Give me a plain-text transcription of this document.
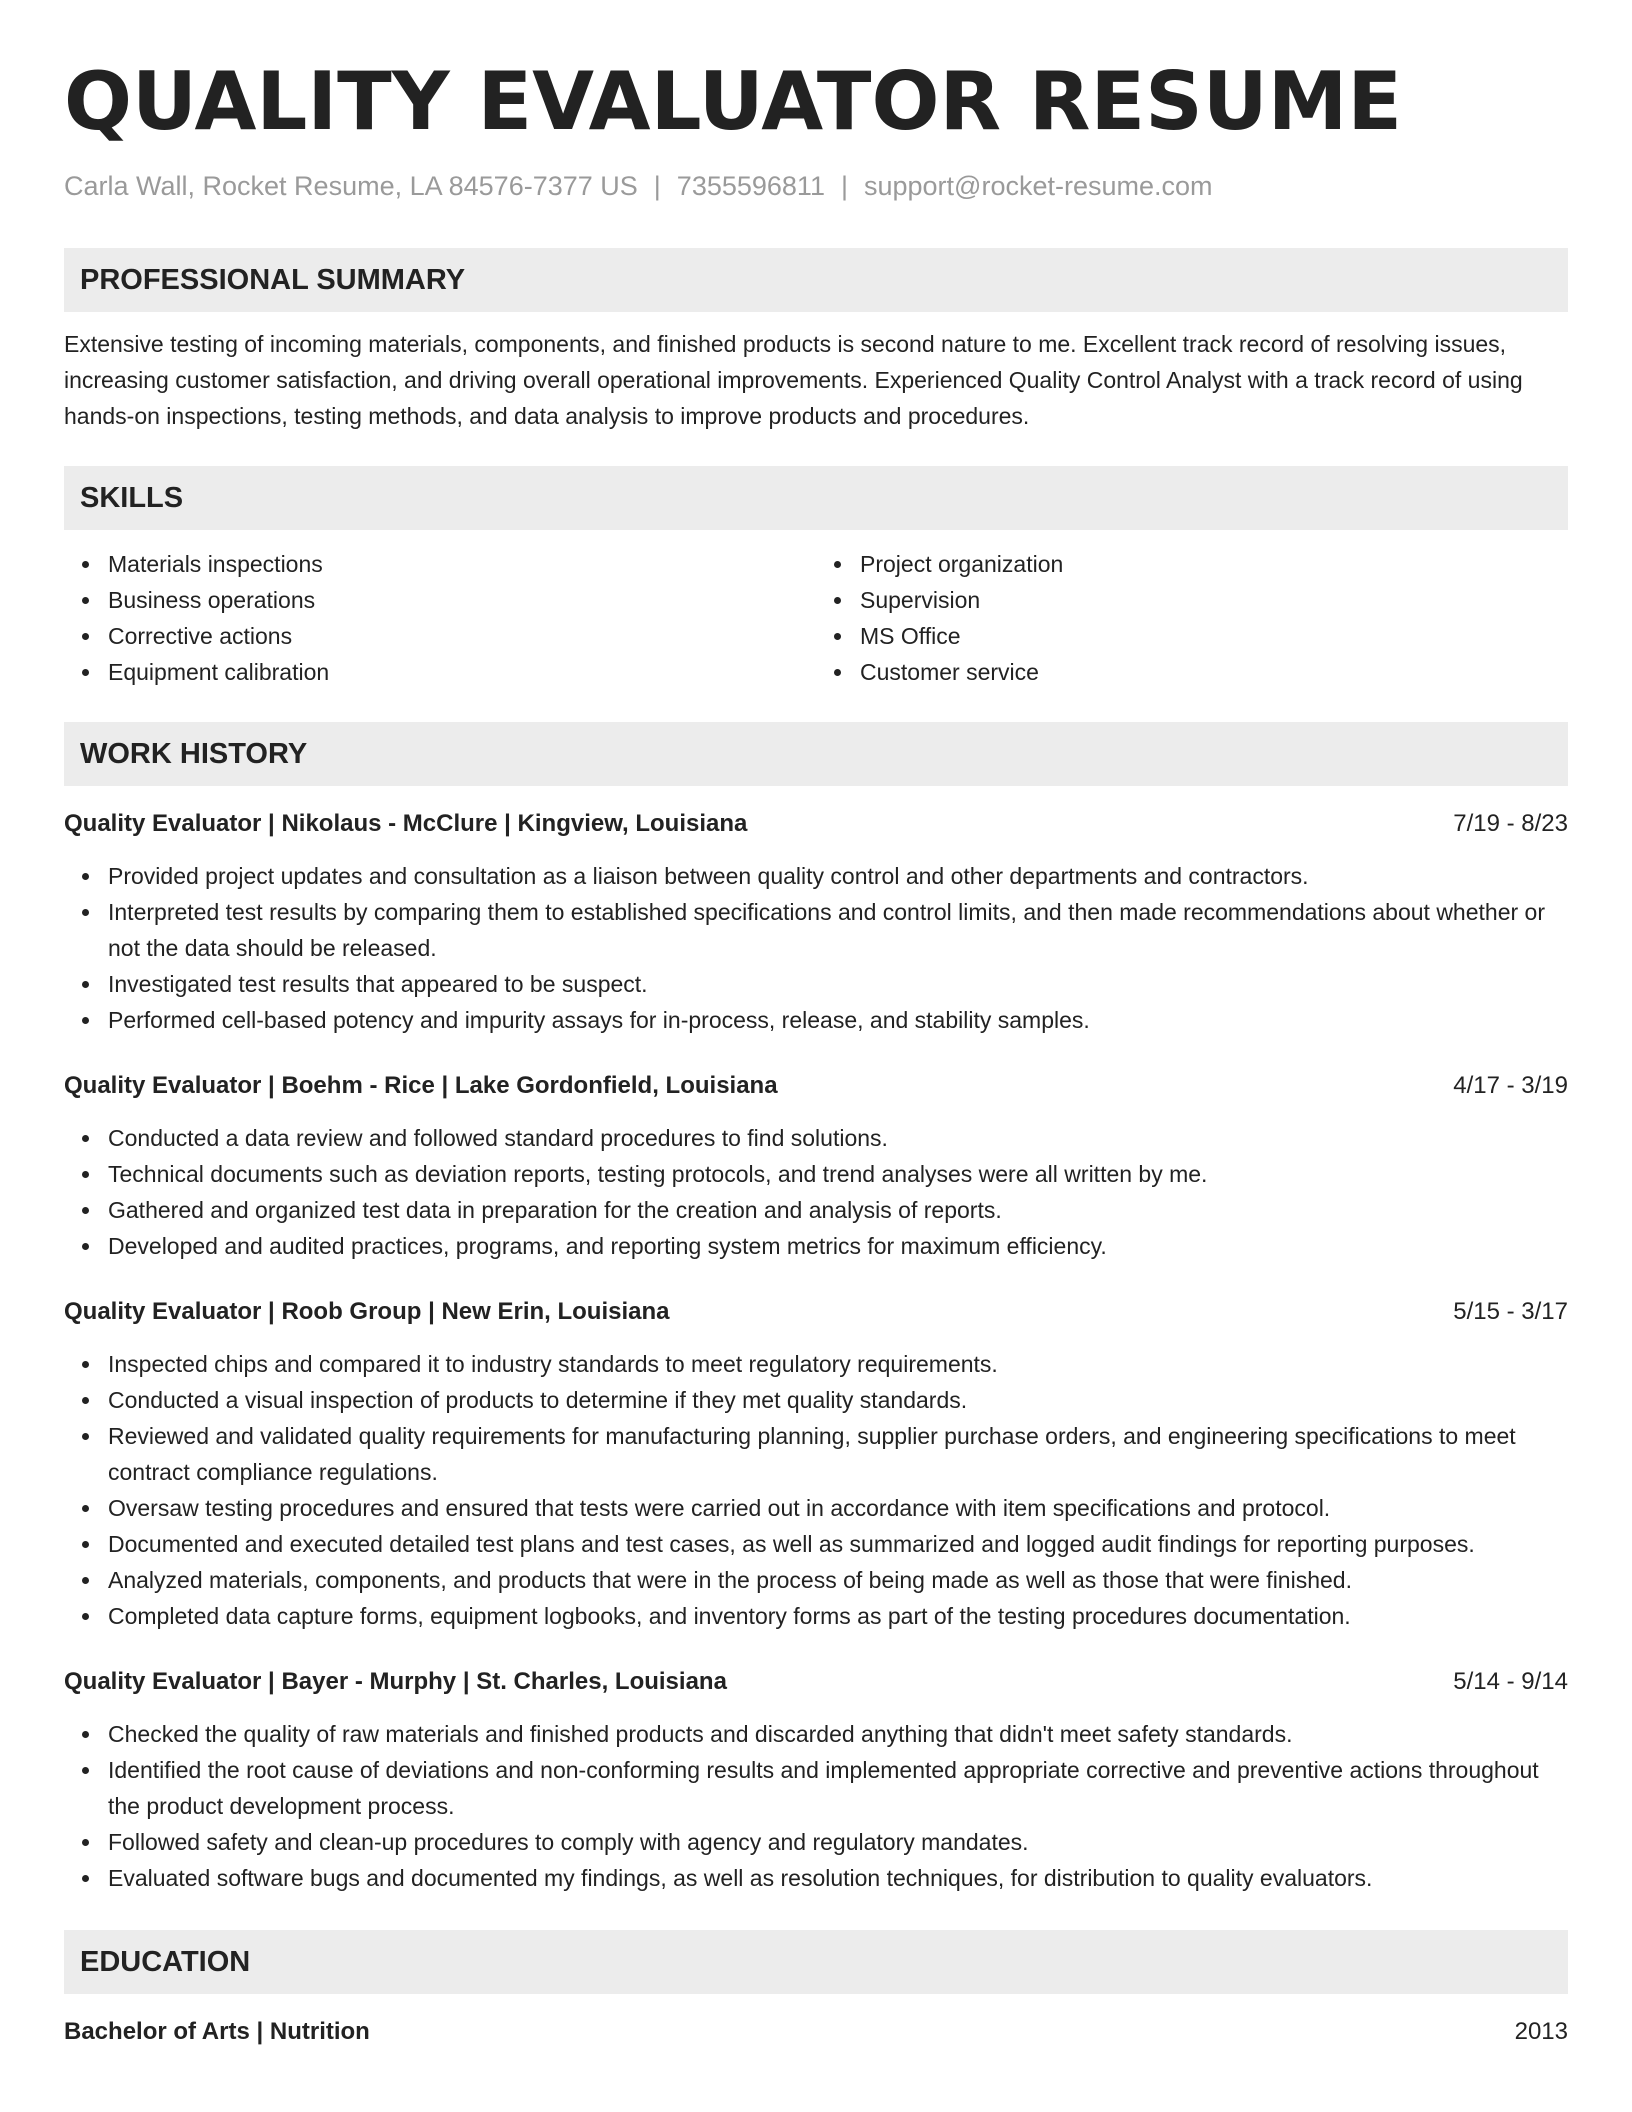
QUALITY EVALUATOR RESUME
Carla Wall, Rocket Resume, LA 84576-7377 US | 7355596811 | support@rocket-resume.com
PROFESSIONAL SUMMARY

Extensive testing of incoming materials, components, and finished products is second nature to me. Excellent track record of resolving issues, increasing customer satisfaction, and driving overall operational improvements. Experienced Quality Control Analyst with a track record of using hands-on inspections, testing methods, and data analysis to improve products and procedures.

SKILLS
Materials inspections
Business operations
Corrective actions
Equipment calibration
Project organization
Supervision
MS Office
Customer service
WORK HISTORY
Quality Evaluator | Nikolaus - McClure | Kingview, Louisiana	7/19 - 8/23
Provided project updates and consultation as a liaison between quality control and other departments and contractors.
Interpreted test results by comparing them to established specifications and control limits, and then made recommendations about whether or not the data should be released.
Investigated test results that appeared to be suspect.
Performed cell-based potency and impurity assays for in-process, release, and stability samples.
Quality Evaluator | Boehm - Rice | Lake Gordonfield, Louisiana	4/17 - 3/19
Conducted a data review and followed standard procedures to find solutions.
Technical documents such as deviation reports, testing protocols, and trend analyses were all written by me.
Gathered and organized test data in preparation for the creation and analysis of reports.
Developed and audited practices, programs, and reporting system metrics for maximum efficiency.
Quality Evaluator | Roob Group | New Erin, Louisiana	5/15 - 3/17
Inspected chips and compared it to industry standards to meet regulatory requirements.
Conducted a visual inspection of products to determine if they met quality standards.
Reviewed and validated quality requirements for manufacturing planning, supplier purchase orders, and engineering specifications to meet contract compliance regulations.
Oversaw testing procedures and ensured that tests were carried out in accordance with item specifications and protocol.
Documented and executed detailed test plans and test cases, as well as summarized and logged audit findings for reporting purposes.
Analyzed materials, components, and products that were in the process of being made as well as those that were finished.
Completed data capture forms, equipment logbooks, and inventory forms as part of the testing procedures documentation.
Quality Evaluator | Bayer - Murphy | St. Charles, Louisiana	5/14 - 9/14
Checked the quality of raw materials and finished products and discarded anything that didn't meet safety standards.
Identified the root cause of deviations and non-conforming results and implemented appropriate corrective and preventive actions throughout the product development process.
Followed safety and clean-up procedures to comply with agency and regulatory mandates.
Evaluated software bugs and documented my findings, as well as resolution techniques, for distribution to quality evaluators.
EDUCATION
Bachelor of Arts | Nutrition	2013
